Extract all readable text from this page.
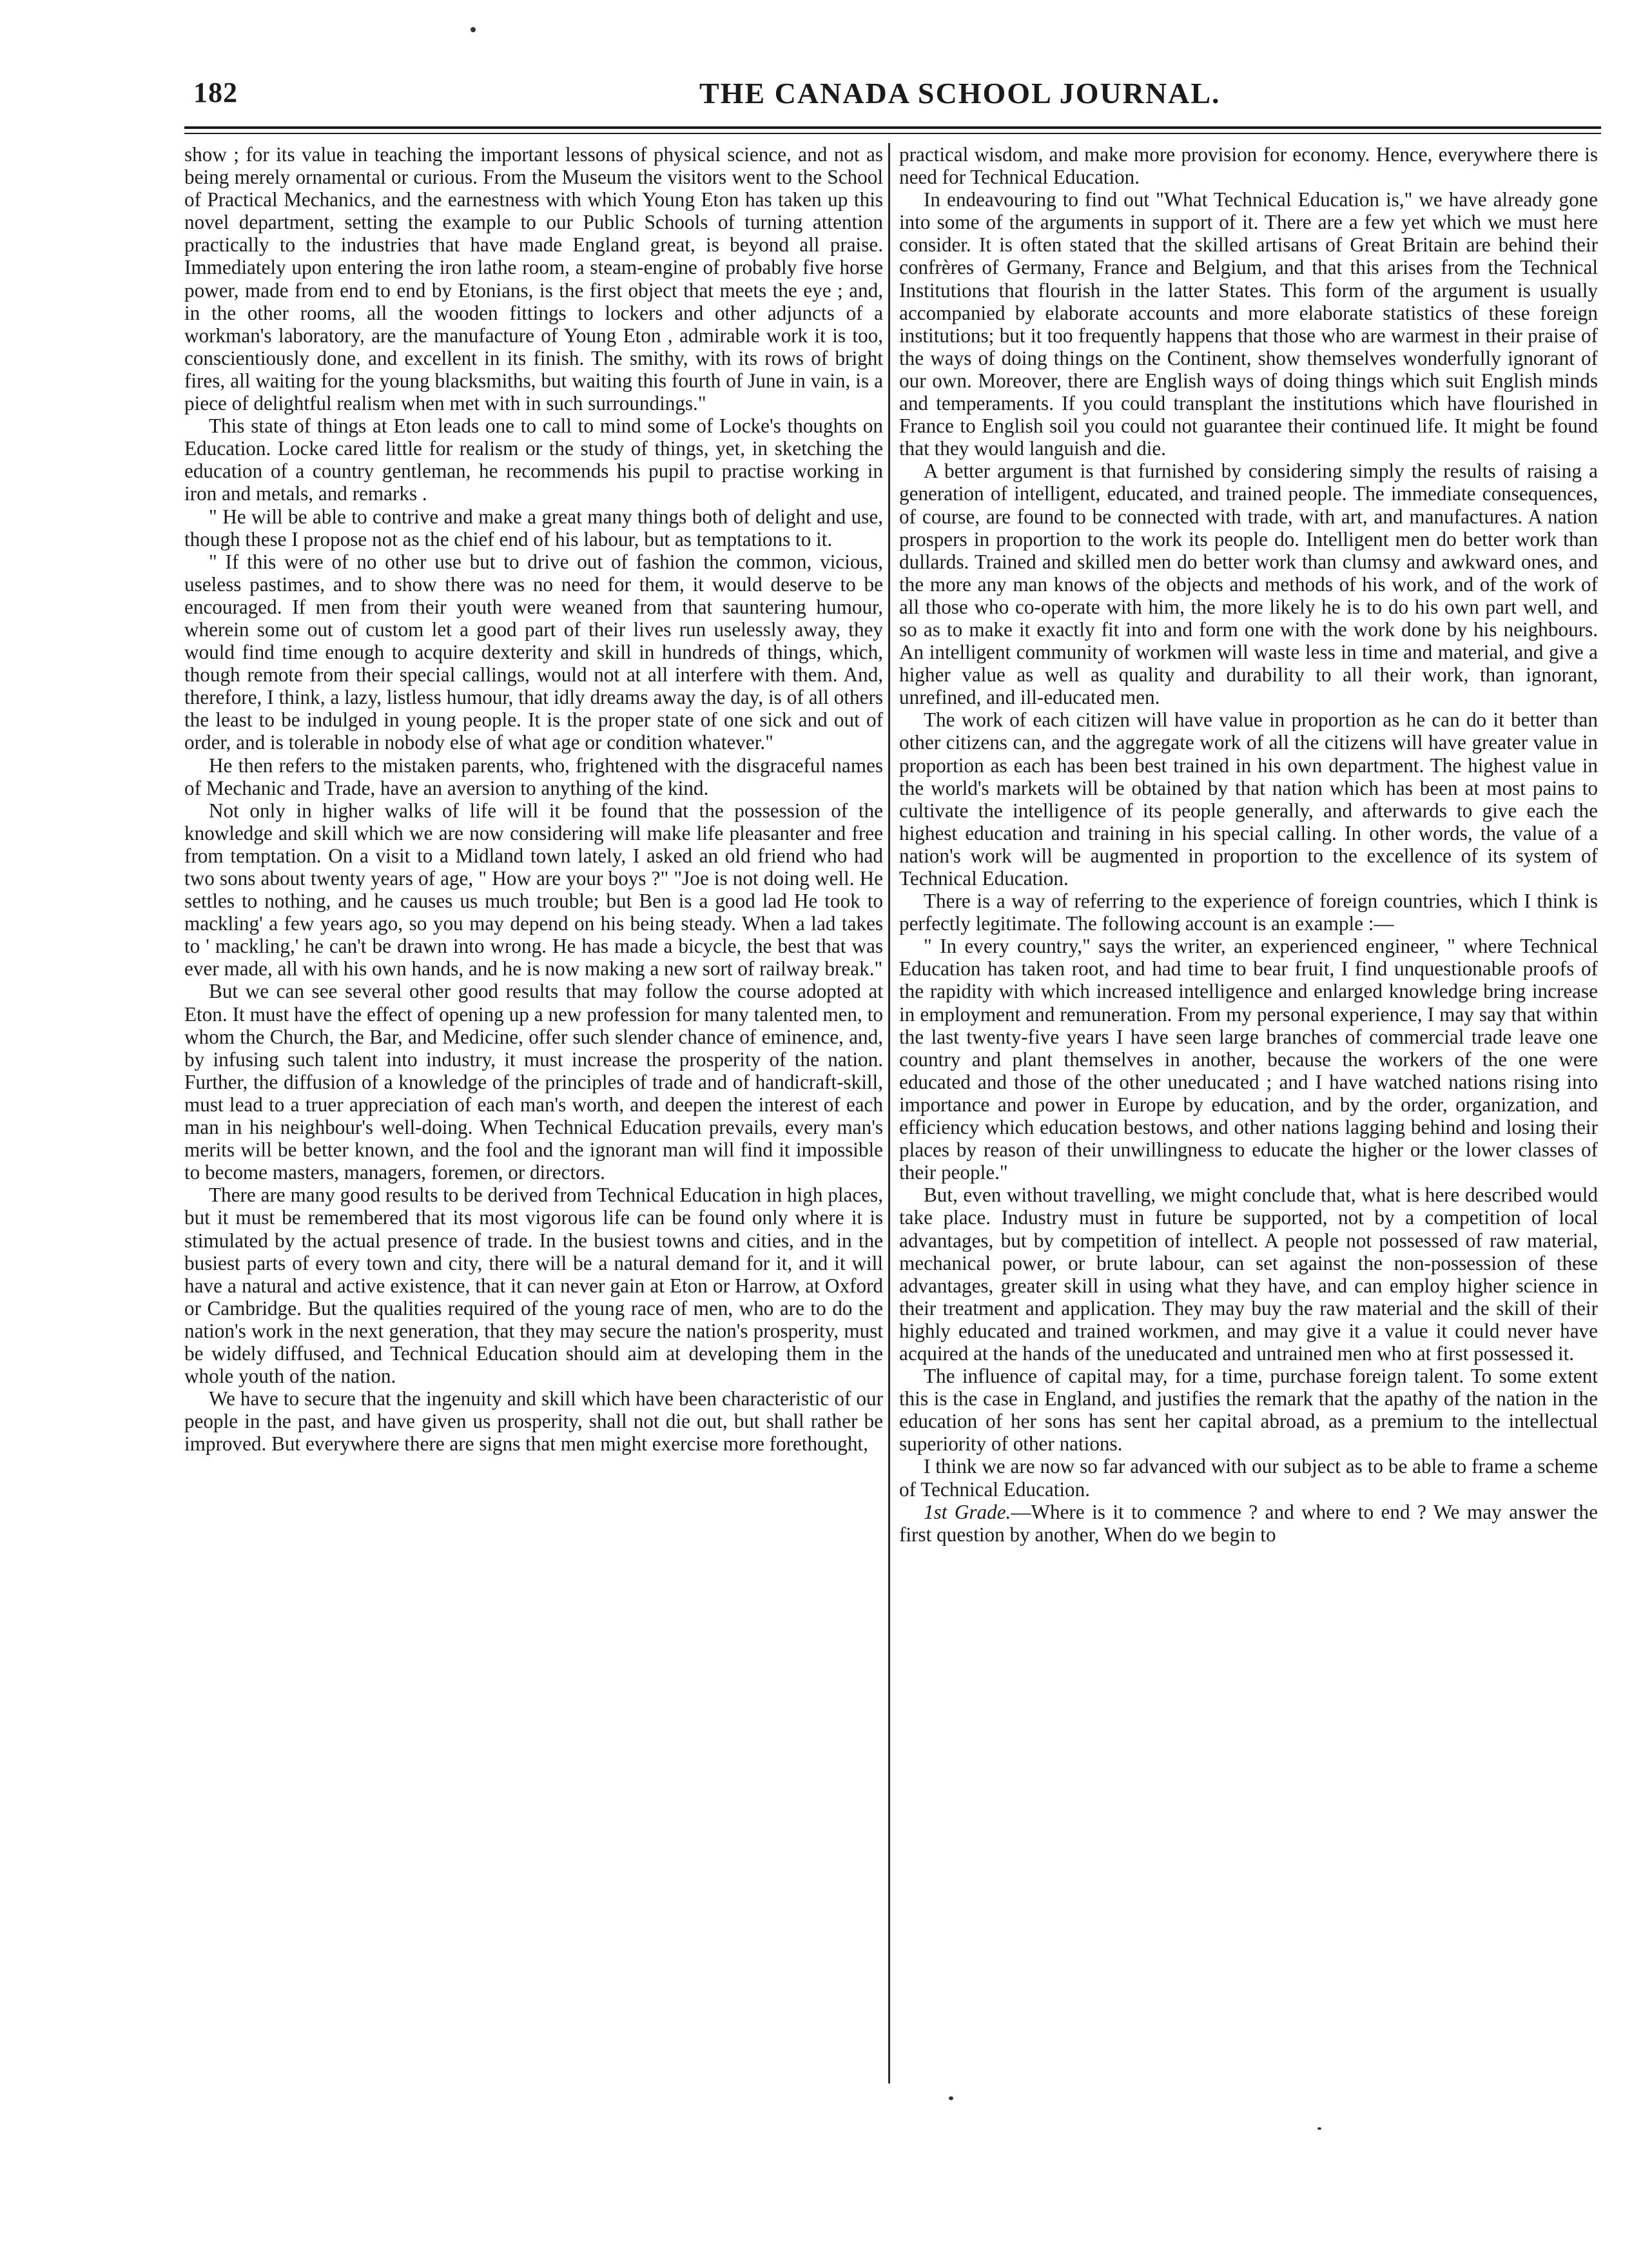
182	THE CANADA SCHOOL JOURNAL.

show ; for its value in teaching the important lessons of physical science, and not as being merely ornamental or curious. From the Museum the visitors went to the School of Practical Mechanics, and the earnestness with which Young Eton has taken up this novel department, setting the example to our Public Schools of turning attention practically to the industries that have made England great, is beyond all praise. Immediately upon entering the iron lathe room, a steam-engine of probably five horse power, made from end to end by Etonians, is the first object that meets the eye ; and, in the other rooms, all the wooden fittings to lockers and other adjuncts of a workman's laboratory, are the manufacture of Young Eton , admirable work it is too, conscientiously done, and excellent in its finish. The smithy, with its rows of bright fires, all waiting for the young blacksmiths, but waiting this fourth of June in vain, is a piece of delightful realism when met with in such surroundings."

This state of things at Eton leads one to call to mind some of Locke's thoughts on Education. Locke cared little for realism or the study of things, yet, in sketching the education of a country gentleman, he recommends his pupil to practise working in iron and metals, and remarks .

" He will be able to contrive and make a great many things both of delight and use, though these I propose not as the chief end of his labour, but as temptations to it.

" If this were of no other use but to drive out of fashion the common, vicious, useless pastimes, and to show there was no need for them, it would deserve to be encouraged. If men from their youth were weaned from that sauntering humour, wherein some out of custom let a good part of their lives run uselessly away, they would find time enough to acquire dexterity and skill in hundreds of things, which, though remote from their special callings, would not at all interfere with them. And, therefore, I think, a lazy, listless humour, that idly dreams away the day, is of all others the least to be indulged in young people. It is the proper state of one sick and out of order, and is tolerable in nobody else of what age or condition whatever."

He then refers to the mistaken parents, who, frightened with the disgraceful names of Mechanic and Trade, have an aversion to anything of the kind.

Not only in higher walks of life will it be found that the possession of the knowledge and skill which we are now considering will make life pleasanter and free from temptation. On a visit to a Midland town lately, I asked an old friend who had two sons about twenty years of age, " How are your boys ?" "Joe is not doing well. He settles to nothing, and he causes us much trouble; but Ben is a good lad He took to mackling' a few years ago, so you may depend on his being steady. When a lad takes to ' mackling,' he can't be drawn into wrong. He has made a bicycle, the best that was ever made, all with his own hands, and he is now making a new sort of railway break."

But we can see several other good results that may follow the course adopted at Eton. It must have the effect of opening up a new profession for many talented men, to whom the Church, the Bar, and Medicine, offer such slender chance of eminence, and, by infusing such talent into industry, it must increase the prosperity of the nation. Further, the diffusion of a knowledge of the principles of trade and of handicraft-skill, must lead to a truer appreciation of each man's worth, and deepen the interest of each man in his neighbour's well-doing. When Technical Education prevails, every man's merits will be better known, and the fool and the ignorant man will find it impossible to become masters, managers, foremen, or directors.

There are many good results to be derived from Technical Education in high places, but it must be remembered that its most vigorous life can be found only where it is stimulated by the actual presence of trade. In the busiest towns and cities, and in the busiest parts of every town and city, there will be a natural demand for it, and it will have a natural and active existence, that it can never gain at Eton or Harrow, at Oxford or Cambridge. But the qualities required of the young race of men, who are to do the nation's work in the next generation, that they may secure the nation's prosperity, must be widely diffused, and Technical Education should aim at developing them in the whole youth of the nation.

We have to secure that the ingenuity and skill which have been characteristic of our people in the past, and have given us prosperity, shall not die out, but shall rather be improved. But everywhere there are signs that men might exercise more forethought,

practical wisdom, and make more provision for economy. Hence, everywhere there is need for Technical Education.

In endeavouring to find out "What Technical Education is," we have already gone into some of the arguments in support of it. There are a few yet which we must here consider. It is often stated that the skilled artisans of Great Britain are behind their confrères of Germany, France and Belgium, and that this arises from the Technical Institutions that flourish in the latter States. This form of the argument is usually accompanied by elaborate accounts and more elaborate statistics of these foreign institutions; but it too frequently happens that those who are warmest in their praise of the ways of doing things on the Continent, show themselves wonderfully ignorant of our own. Moreover, there are English ways of doing things which suit English minds and temperaments. If you could transplant the institutions which have flourished in France to English soil you could not guarantee their continued life. It might be found that they would languish and die.

A better argument is that furnished by considering simply the results of raising a generation of intelligent, educated, and trained people. The immediate consequences, of course, are found to be connected with trade, with art, and manufactures. A nation prospers in proportion to the work its people do. Intelligent men do better work than dullards. Trained and skilled men do better work than clumsy and awkward ones, and the more any man knows of the objects and methods of his work, and of the work of all those who co-operate with him, the more likely he is to do his own part well, and so as to make it exactly fit into and form one with the work done by his neighbours. An intelligent community of workmen will waste less in time and material, and give a higher value as well as quality and durability to all their work, than ignorant, unrefined, and ill-educated men.

The work of each citizen will have value in proportion as he can do it better than other citizens can, and the aggregate work of all the citizens will have greater value in proportion as each has been best trained in his own department. The highest value in the world's markets will be obtained by that nation which has been at most pains to cultivate the intelligence of its people generally, and afterwards to give each the highest education and training in his special calling. In other words, the value of a nation's work will be augmented in proportion to the excellence of its system of Technical Education.

There is a way of referring to the experience of foreign countries, which I think is perfectly legitimate. The following account is an example :—

" In every country," says the writer, an experienced engineer, " where Technical Education has taken root, and had time to bear fruit, I find unquestionable proofs of the rapidity with which increased intelligence and enlarged knowledge bring increase in employment and remuneration. From my personal experience, I may say that within the last twenty-five years I have seen large branches of commercial trade leave one country and plant themselves in another, because the workers of the one were educated and those of the other uneducated ; and I have watched nations rising into importance and power in Europe by education, and by the order, organization, and efficiency which education bestows, and other nations lagging behind and losing their places by reason of their unwillingness to educate the higher or the lower classes of their people."

But, even without travelling, we might conclude that, what is here described would take place. Industry must in future be supported, not by a competition of local advantages, but by competition of intellect. A people not possessed of raw material, mechanical power, or brute labour, can set against the non-possession of these advantages, greater skill in using what they have, and can employ higher science in their treatment and application. They may buy the raw material and the skill of their highly educated and trained workmen, and may give it a value it could never have acquired at the hands of the uneducated and untrained men who at first possessed it.

The influence of capital may, for a time, purchase foreign talent. To some extent this is the case in England, and justifies the remark that the apathy of the nation in the education of her sons has sent her capital abroad, as a premium to the intellectual superiority of other nations.

I think we are now so far advanced with our subject as to be able to frame a scheme of Technical Education.

1st Grade.—Where is it to commence ? and where to end ? We may answer the first question by another, When do we begin to
